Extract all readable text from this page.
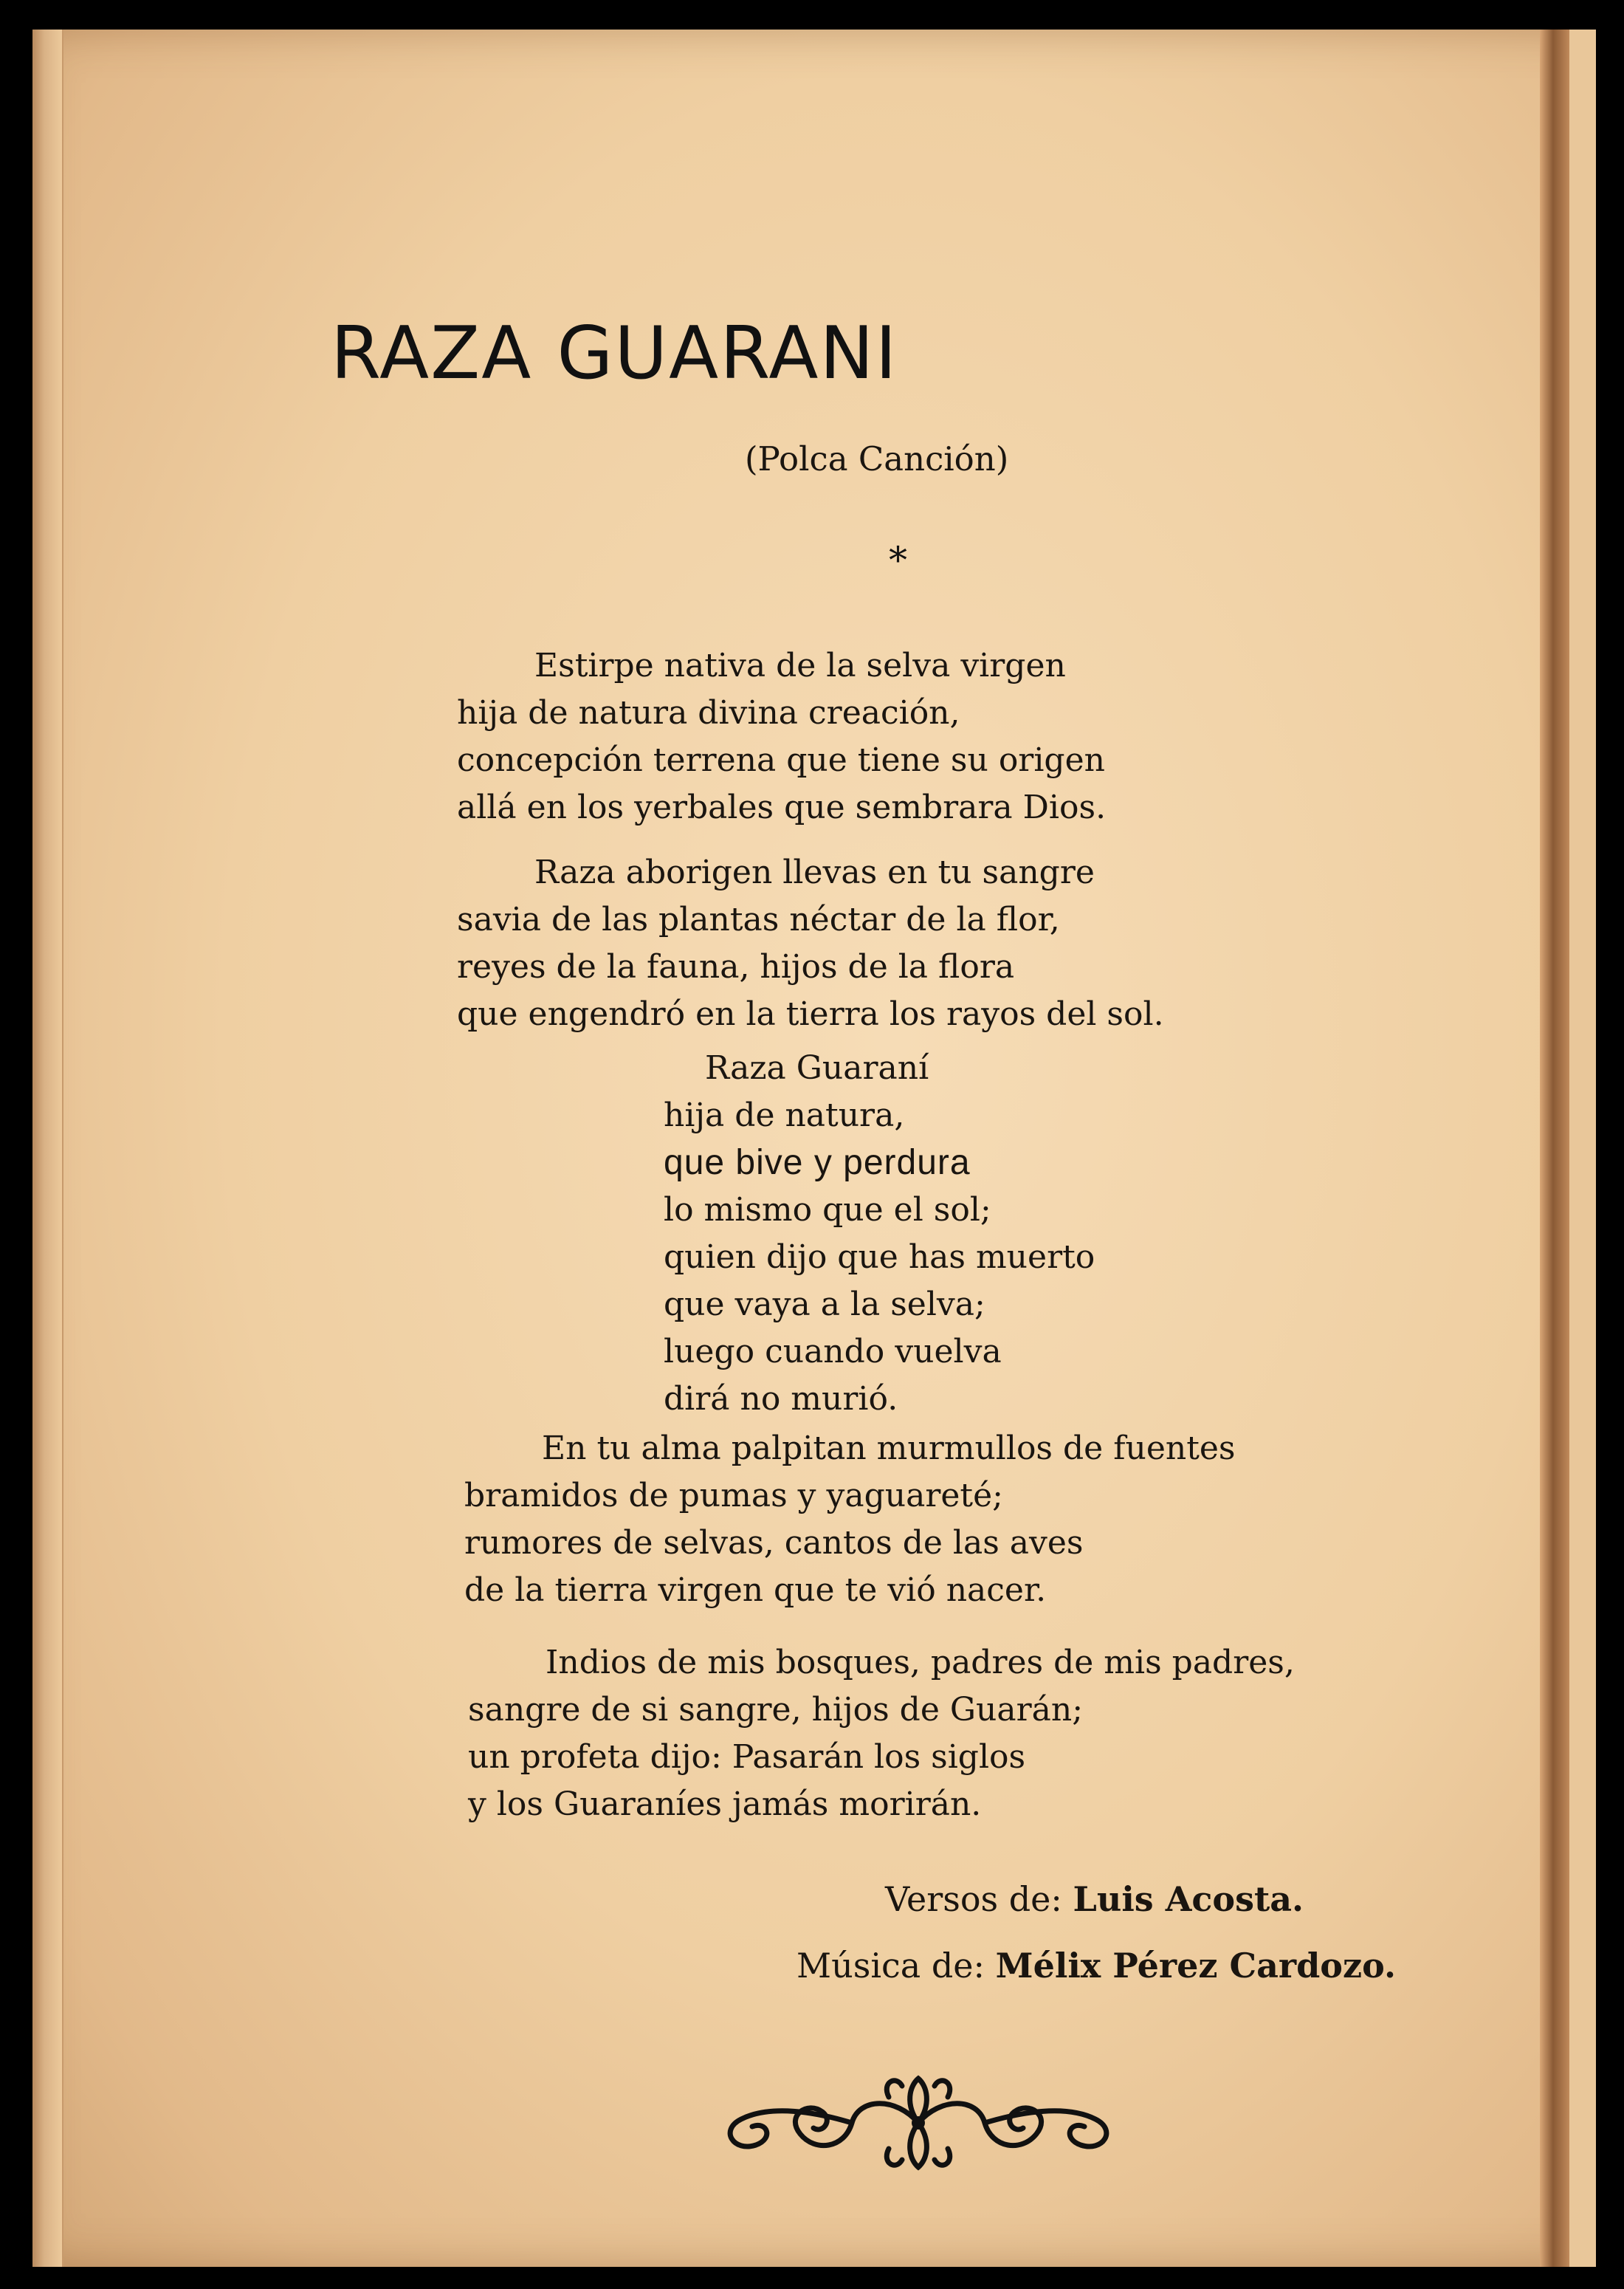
RAZA GUARANI
(Polca Canción)
*

Estirpe nativa de la selva virgen
hija de natura divina creación,
concepción terrena que tiene su origen
allá en los yerbales que sembrara Dios.

Raza aborigen llevas en tu sangre
savia de las plantas néctar de la flor,
reyes de la fauna, hijos de la flora
que engendró en la tierra los rayos del sol.

Raza Guaraní
hija de natura,
que bive y perdura
lo mismo que el sol;
quien dijo que has muerto
que vaya a la selva;
luego cuando vuelva
dirá no murió.

En tu alma palpitan murmullos de fuentes
bramidos de pumas y yaguareté;
rumores de selvas, cantos de las aves
de la tierra virgen que te vió nacer.

Indios de mis bosques, padres de mis padres,
sangre de si sangre, hijos de Guarán;
un profeta dijo: Pasarán los siglos
y los Guaraníes jamás morirán.

Versos de: Luis Acosta.
Música de: Mélix Pérez Cardozo.
